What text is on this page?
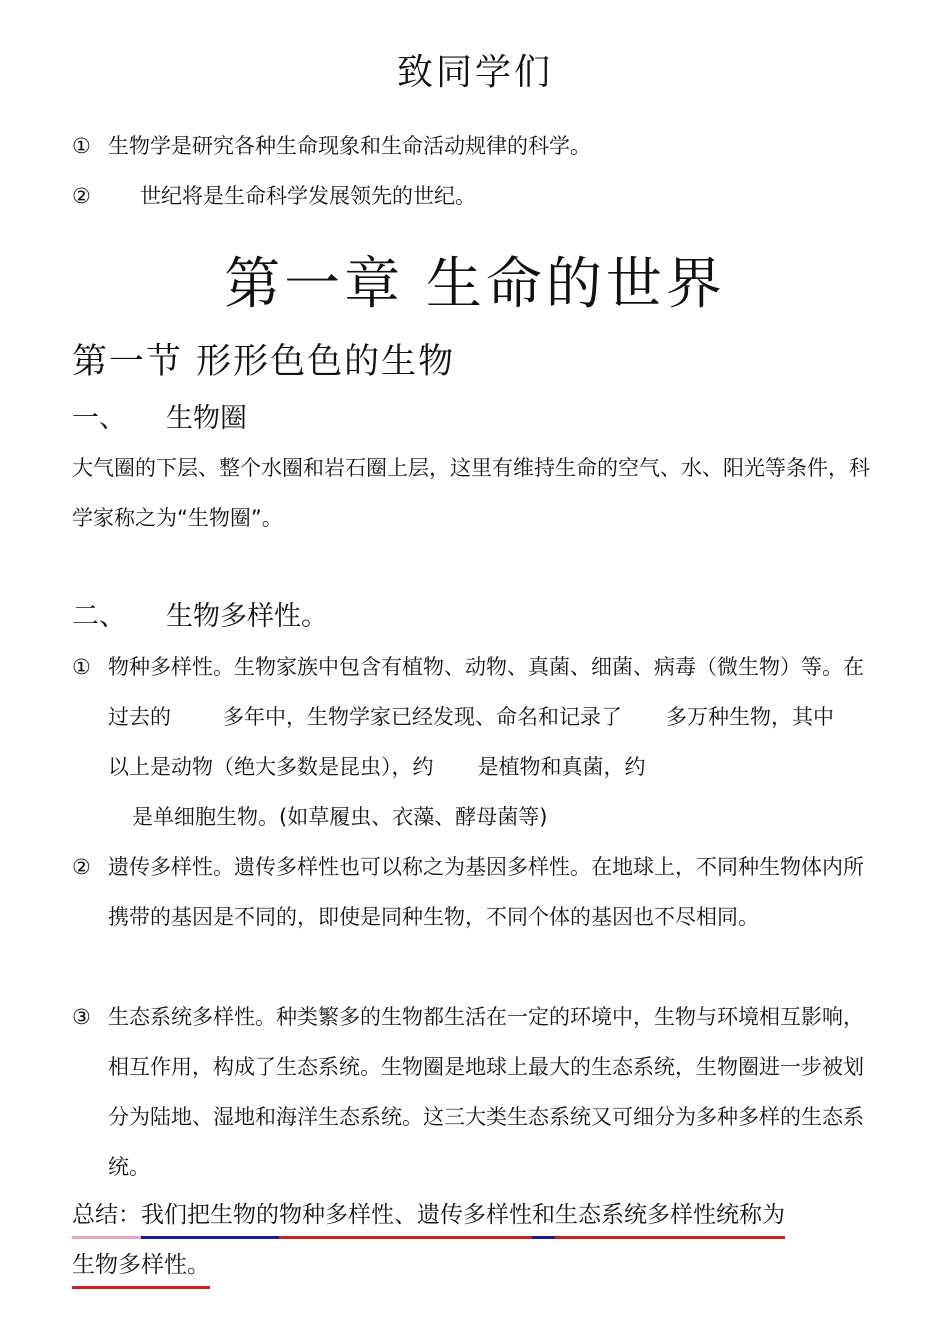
致同学们
① 生物学是研究各种生命现象和生命活动规律的科学。
② 世纪将是生命科学发展领先的世纪。
第一章 生命的世界
第一节 形形色色的生物
一、 生物圈
大气圈的下层、整个水圈和岩石圈上层，这里有维持生命的空气、水、阳光等条件，科学家称之为“生物圈”。
二、 生物多样性。
① 物种多样性。生物家族中包含有植物、动物、真菌、细菌、病毒（微生物）等。在过去的 多年中，生物学家已经发现、命名和记录了 多万种生物，其中以上是动物（绝大多数是昆虫），约 是植物和真菌，约
是单细胞生物。(如草履虫、衣藻、酵母菌等)
② 遗传多样性。遗传多样性也可以称之为基因多样性。在地球上，不同种生物体内所携带的基因是不同的，即使是同种生物，不同个体的基因也不尽相同。
③ 生态系统多样性。种类繁多的生物都生活在一定的环境中，生物与环境相互影响，相互作用，构成了生态系统。生物圈是地球上最大的生态系统，生物圈进一步被划分为陆地、湿地和海洋生态系统。这三大类生态系统又可细分为多种多样的生态系统。
总结：我们把生物的物种多样性、遗传多样性和生态系统多样性统称为
生物多样性。
